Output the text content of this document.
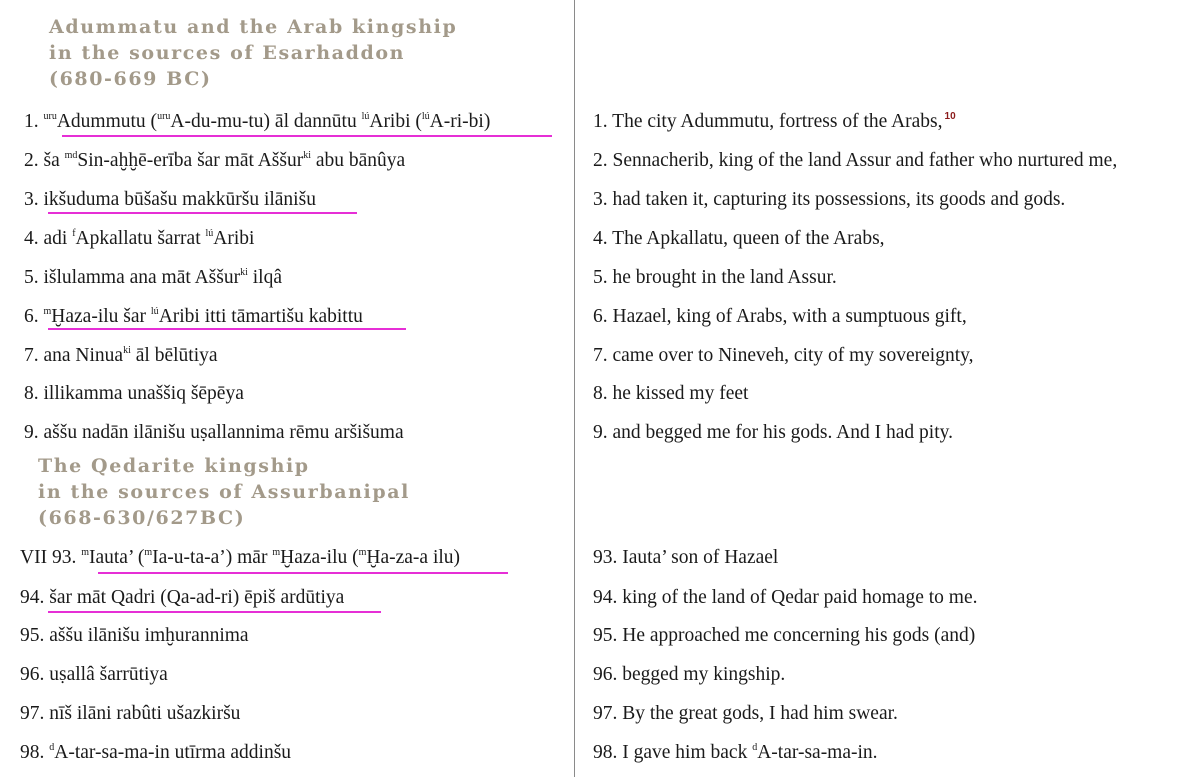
Adummatu and the Arab kingship
in the sources of Esarhaddon
(680-669 BC)
The Qedarite kingship
in the sources of Assurbanipal
(668-630/627BC)
1. $^{uru}$Adummutu ($^{uru}$A-du-mu-tu) āl dannūtu $^{lú}$Aribi ($^{lú}$A-ri-bi)
2. ša $^{md}$Sin-aḫḫē-erība šar māt Aššur$^{ki}$ abu bānûya
3. ikšuduma būšašu makkūršu ilānišu
4. adi $^f$Apkallatu šarrat $^{lú}$Aribi
5. išlulamma ana māt Aššur$^{ki}$ ilqâ
6. $^m$Ḫaza-ilu šar $^{lú}$Aribi itti tāmartišu kabittu
7. ana Ninua$^{ki}$ āl bēlūtiya
8. illikamma unaššiq šēpēya
9. aššu nadān ilānišu uṣallannima rēmu aršišuma
1. The city Adummutu, fortress of the Arabs, $^{10}$
2. Sennacherib, king of the land Assur and father who nurtured me,
3. had taken it, capturing its possessions, its goods and gods.
4. The Apkallatu, queen of the Arabs,
5. he brought in the land Assur.
6. Hazael, king of Arabs, with a sumptuous gift,
7. came over to Nineveh, city of my sovereignty,
8. he kissed my feet
9. and begged me for his gods. And I had pity.
VII 93. $^m$Iauta’ ($^m$Ia-u-ta-a’) mār $^m$Ḫaza-ilu ($^m$Ḫa-za-a ilu)
94. šar māt Qadri (Qa-ad-ri) ēpiš ardūtiya
95. aššu ilānišu imḫurannima
96. uṣallâ šarrūtiya
97. nīš ilāni rabûti ušazkiršu
98. $^d$A-tar-sa-ma-in utīrma addinšu
93. Iauta’ son of Hazael
94. king of the land of Qedar paid homage to me.
95. He approached me concerning his gods (and)
96. begged my kingship.
97. By the great gods, I had him swear.
98. I gave him back $^d$A-tar-sa-ma-in.
